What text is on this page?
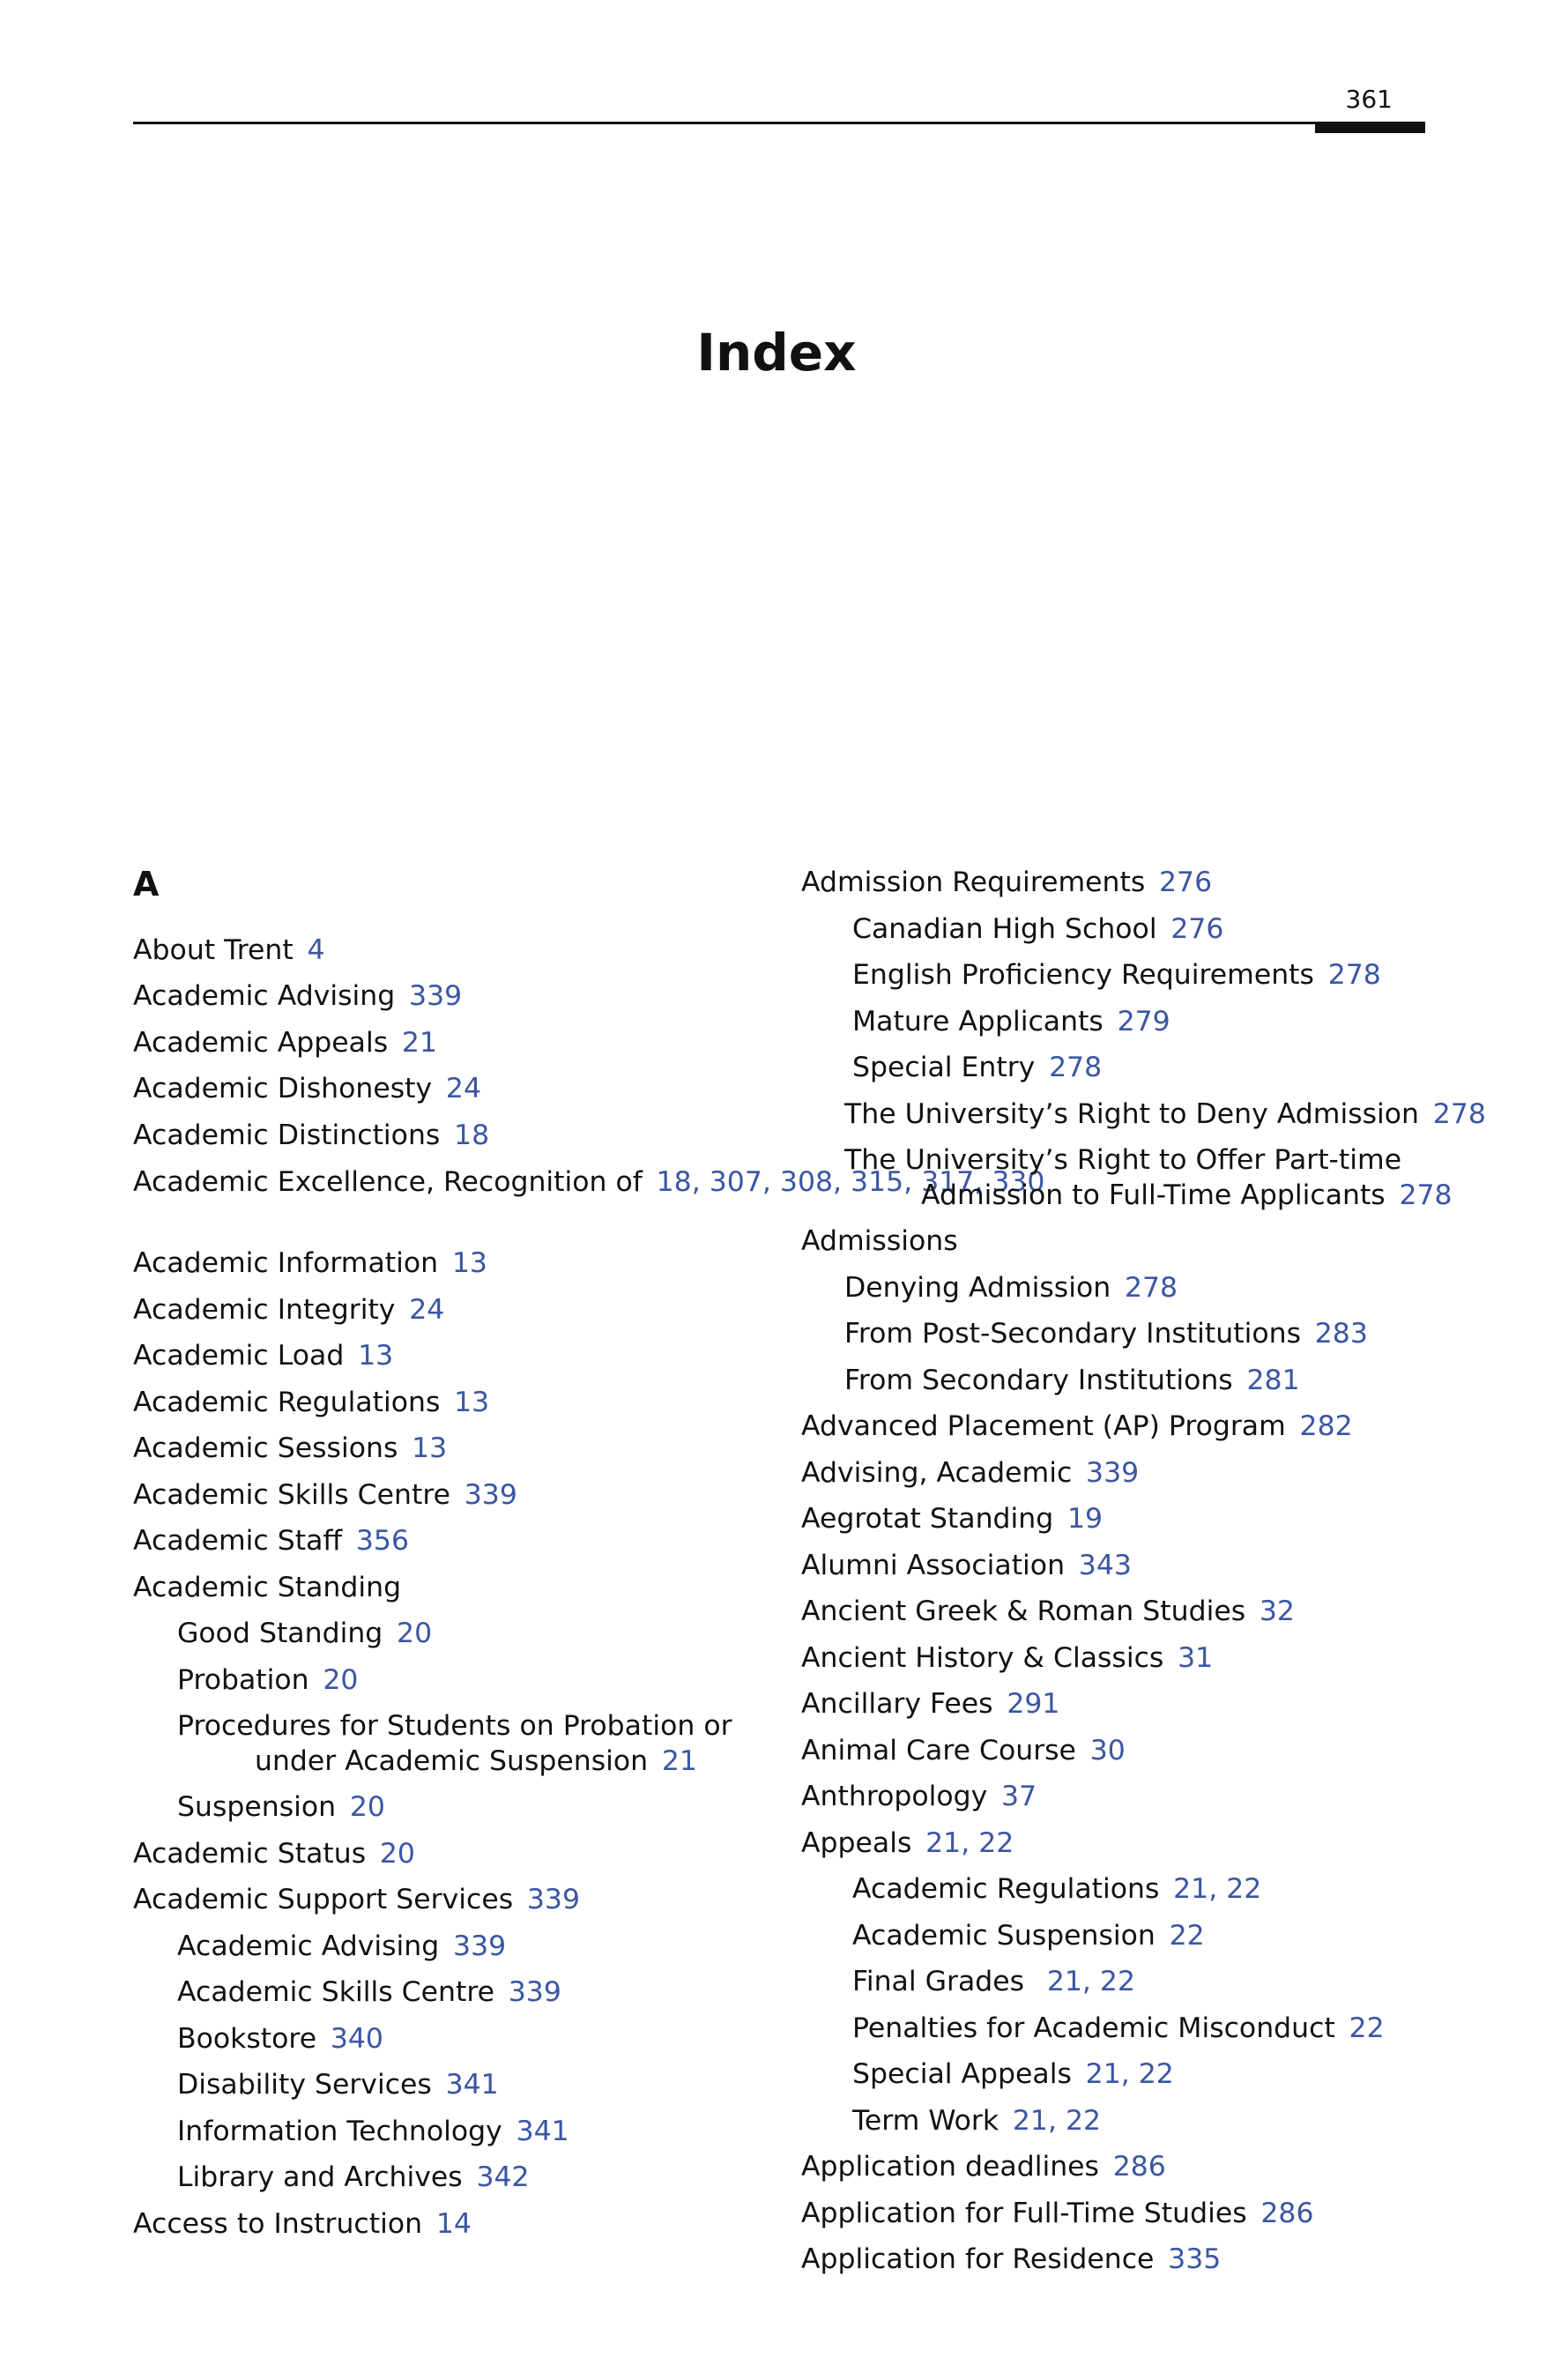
361
Index
A
About Trent  4
Academic Advising  339
Academic Appeals  21
Academic Dishonesty  24
Academic Distinctions  18
Academic Excellence, Recognition of  18, 307, 308, 315, 317, 330
Academic Information  13
Academic Integrity  24
Academic Load  13
Academic Regulations  13
Academic Sessions  13
Academic Skills Centre  339
Academic Staff  356
Academic Standing
Good Standing  20
Probation  20
Procedures for Students on Probation or
under Academic Suspension  21
Suspension  20
Academic Status  20
Academic Support Services  339
Academic Advising  339
Academic Skills Centre  339
Bookstore  340
Disability Services  341
Information Technology  341
Library and Archives  342
Access to Instruction  14
Admission Requirements  276
Canadian High School  276
English Proficiency Requirements  278
Mature Applicants  279
Special Entry  278
The University’s Right to Deny Admission  278
The University’s Right to Offer Part-time
Admission to Full-Time Applicants  278
Admissions
Denying Admission  278
From Post-Secondary Institutions  283
From Secondary Institutions  281
Advanced Placement (AP) Program  282
Advising, Academic  339
Aegrotat Standing  19
Alumni Association  343
Ancient Greek & Roman Studies  32
Ancient History & Classics  31
Ancillary Fees  291
Animal Care Course  30
Anthropology  37
Appeals  21, 22
Academic Regulations  21, 22
Academic Suspension  22
Final Grades  21, 22
Penalties for Academic Misconduct  22
Special Appeals  21, 22
Term Work  21, 22
Application deadlines  286
Application for Full-Time Studies  286
Application for Residence  335
